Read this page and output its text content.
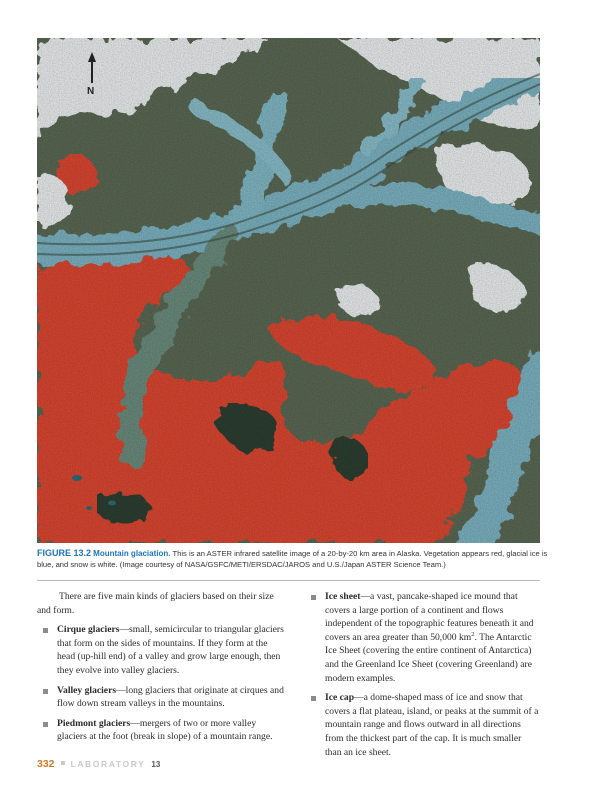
N
FIGURE 13.2 Mountain glaciation. This is an ASTER infrared satellite image of a 20-by-20 km area in Alaska. Vegetation appears red, glacial ice is blue, and snow is white. (Image courtesy of NASA/GSFC/METI/ERSDAC/JAROS and U.S./Japan ASTER Science Team.)

There are five main kinds of glaciers based on their size and form.

Cirque glaciers—small, semicircular to triangular glaciers that form on the sides of mountains. If they form at the head (up-hill end) of a valley and grow large enough, then they evolve into valley glaciers.
Valley glaciers—long glaciers that originate at cirques and flow down stream valleys in the mountains.
Piedmont glaciers—mergers of two or more valley glaciers at the foot (break in slope) of a mountain range.
Ice sheet—a vast, pancake-shaped ice mound that covers a large portion of a continent and flows independent of the topographic features beneath it and covers an area greater than 50,000 $km^2$. The Antarctic Ice Sheet (covering the entire continent of Antarctica) and the Greenland Ice Sheet (covering Greenland) are modern examples.
Ice cap—a dome-shaped mass of ice and snow that covers a flat plateau, island, or peaks at the summit of a mountain range and flows outward in all directions from the thickest part of the cap. It is much smaller than an ice sheet.
332 LABORATORY 13
